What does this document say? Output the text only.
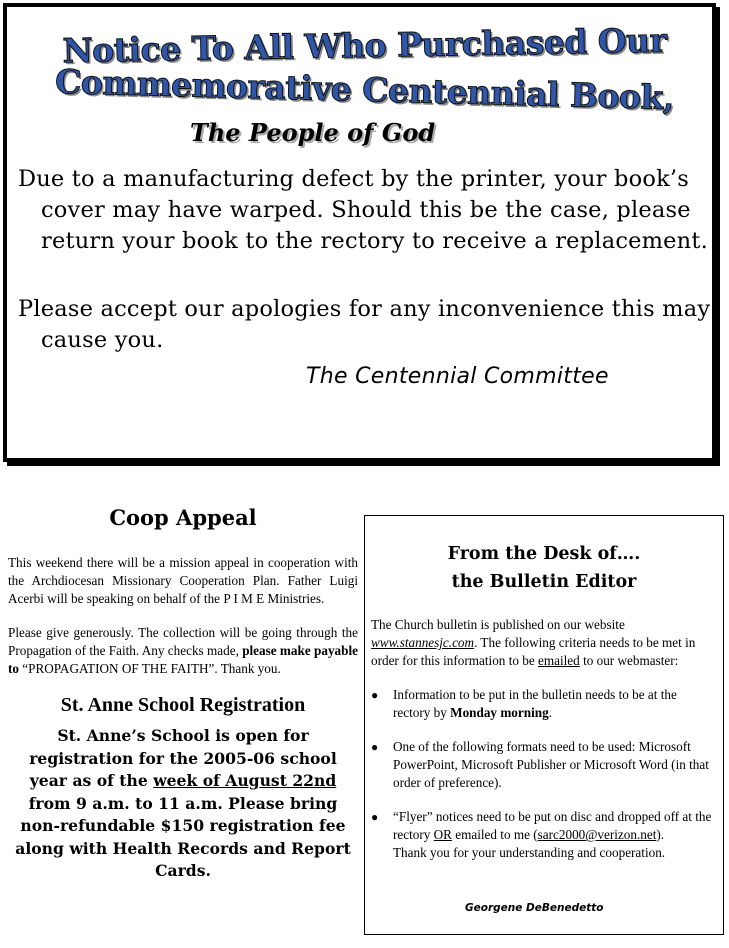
Notice To All Who Purchased Our
Commemorative Centennial Book,
The People of God

Due to a manufacturing defect by the printer, your book’s cover may have warped. Should this be the case, please return your book to the rectory to receive a replacement.

Please accept our apologies for any inconvenience this may cause you.

The Centennial Committee
Coop Appeal

This weekend there will be a mission appeal in cooperation with the Archdiocesan Missionary Cooperation Plan. Father Luigi Acerbi will be speaking on behalf of the P I M E Ministries.

Please give generously. The collection will be going through the Propagation of the Faith. Any checks made, please make payable to “PROPAGATION OF THE FAITH”. Thank you.

St. Anne School Registration

St. Anne’s School is open for registration for the 2005-06 school year as of the week of August 22nd from 9 a.m. to 11 a.m. Please bring non-refundable $150 registration fee along with Health Records and Report Cards.

From the Desk of….
the Bulletin Editor

The Church bulletin is published on our website www.stannesjc.com. The following criteria needs to be met in order for this information to be emailed to our webmaster:

● Information to be put in the bulletin needs to be at the rectory by Monday morning.
● One of the following formats need to be used: Microsoft PowerPoint, Microsoft Publisher or Microsoft Word (in that order of preference).
● “Flyer” notices need to be put on disc and dropped off at the rectory OR emailed to me (sarc2000@verizon.net).
Thank you for your understanding and cooperation.
Georgene DeBenedetto
